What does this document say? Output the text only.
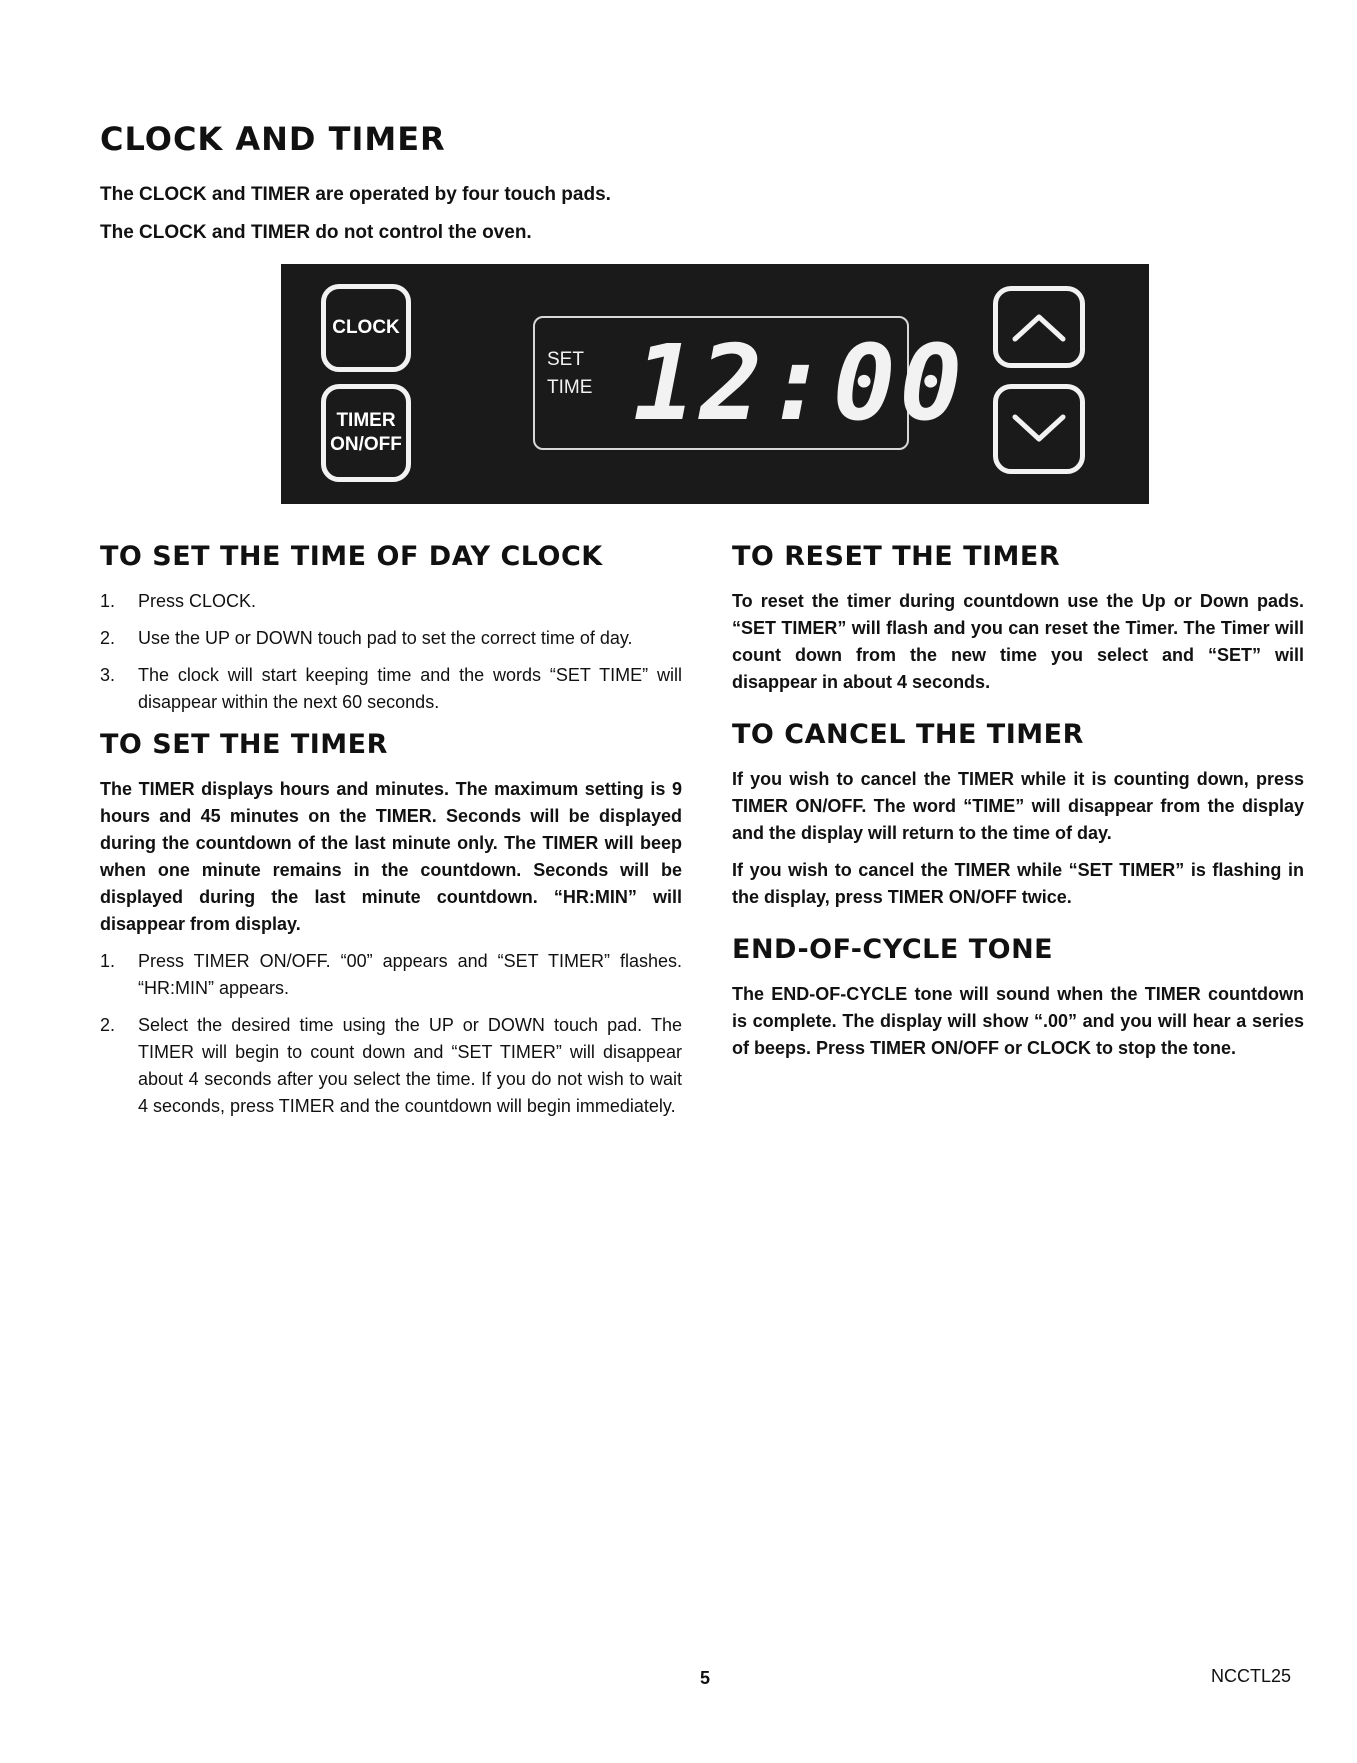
CLOCK AND TIMER

The CLOCK and TIMER are operated by four touch pads.

The CLOCK and TIMER do not control the oven.

CLOCK
TIMER ON/OFF
SET
TIME 12:00
TO SET THE TIME OF DAY CLOCK
1.	Press CLOCK.
2.	Use the UP or DOWN touch pad to set the correct time of day.
3.	The clock will start keeping time and the words “SET TIME” will disappear within the next 60 seconds.
TO SET THE TIMER

The TIMER displays hours and minutes. The maximum setting is 9 hours and 45 minutes on the TIMER. Seconds will be displayed during the countdown of the last minute only. The TIMER will beep when one minute remains in the countdown. Seconds will be displayed during the last minute countdown. “HR:MIN” will disappear from display.

1.	Press TIMER ON/OFF. “00” appears and “SET TIMER” flashes. “HR:MIN” appears.
2.	Select the desired time using the UP or DOWN touch pad. The TIMER will begin to count down and “SET TIMER” will disappear about 4 seconds after you select the time. If you do not wish to wait 4 seconds, press TIMER and the countdown will begin immediately.
TO RESET THE TIMER

To reset the timer during countdown use the Up or Down pads. “SET TIMER” will flash and you can reset the Timer. The Timer will count down from the new time you select and “SET” will disappear in about 4 seconds.

TO CANCEL THE TIMER

If you wish to cancel the TIMER while it is counting down, press TIMER ON/OFF. The word “TIME” will disappear from the display and the display will return to the time of day.

If you wish to cancel the TIMER while “SET TIMER” is flashing in the display, press TIMER ON/OFF twice.

END-OF-CYCLE TONE

The END-OF-CYCLE tone will sound when the TIMER countdown is complete. The display will show “.00” and you will hear a series of beeps. Press TIMER ON/OFF or CLOCK to stop the tone.

5	NCCTL25
